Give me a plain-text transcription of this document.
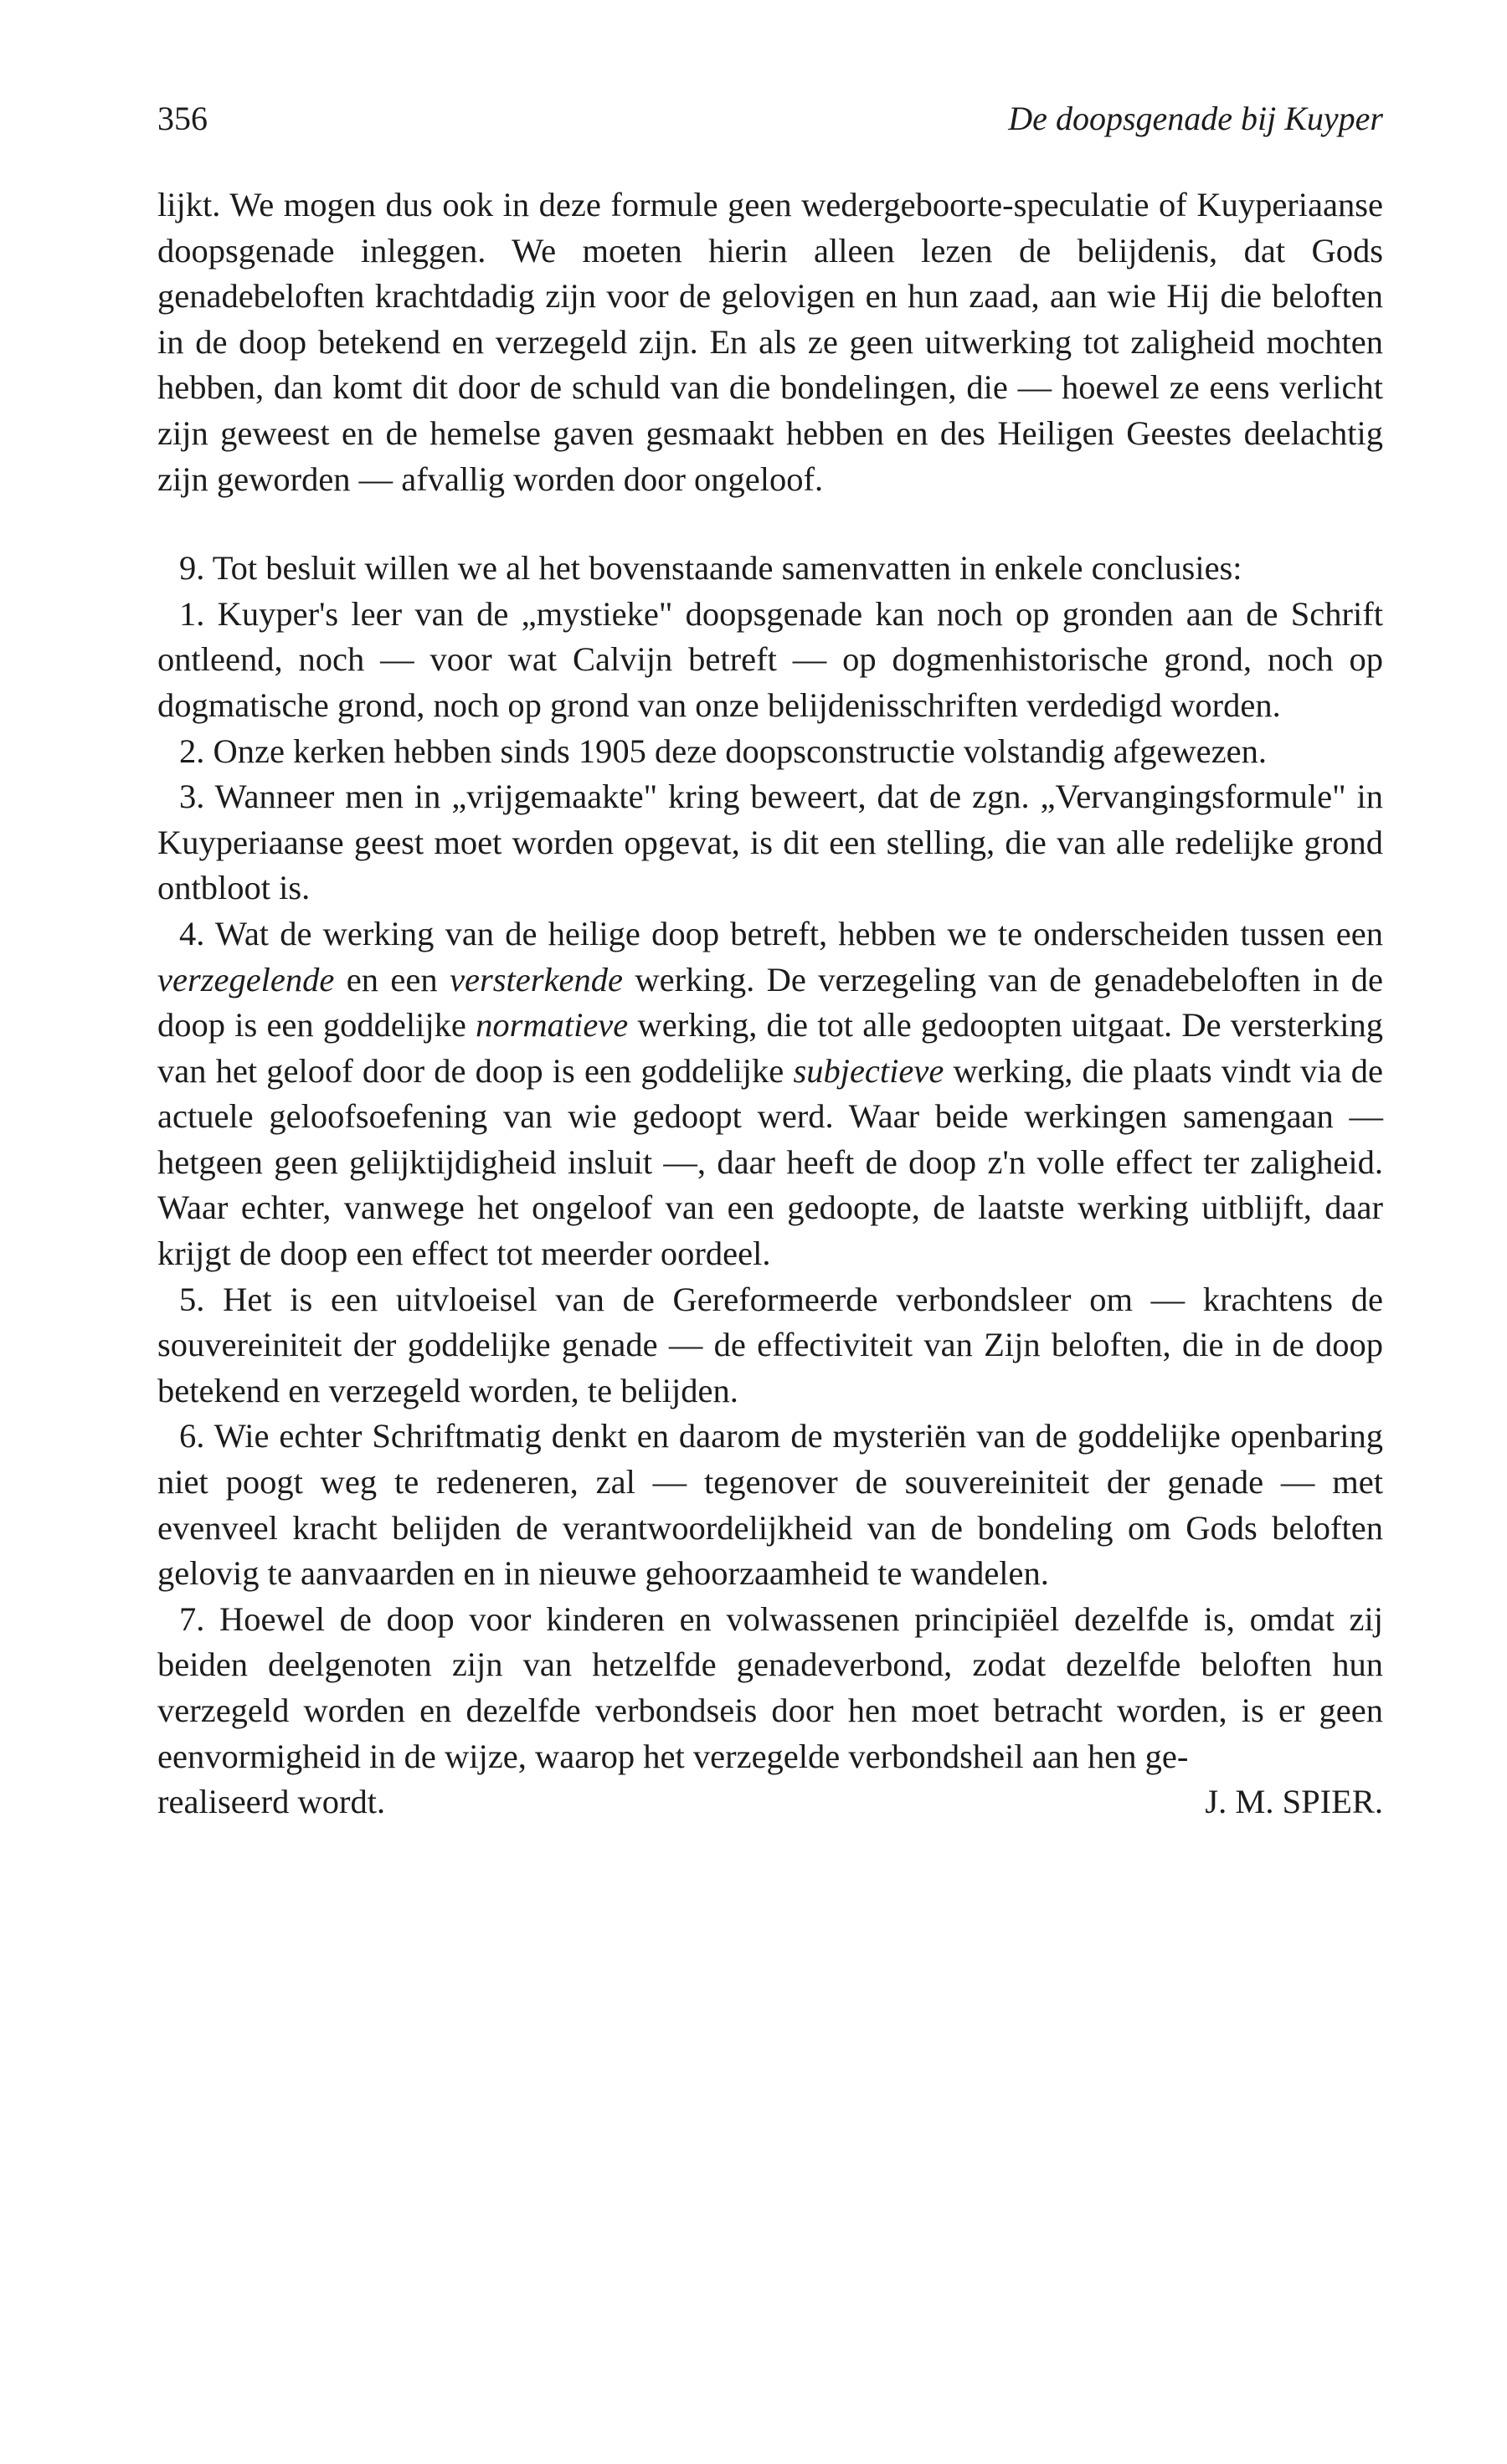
356	De doopsgenade bij Kuyper

lijkt. We mogen dus ook in deze formule geen wedergeboorte-speculatie of Kuyperiaanse doopsgenade inleggen. We moeten hierin alleen lezen de belijdenis, dat Gods genadebeloften krachtdadig zijn voor de gelovigen en hun zaad, aan wie Hij die beloften in de doop betekend en verzegeld zijn. En als ze geen uitwerking tot zaligheid mochten hebben, dan komt dit door de schuld van die bondelingen, die — hoewel ze eens verlicht zijn geweest en de hemelse gaven gesmaakt hebben en des Heiligen Geestes deelachtig zijn geworden — afvallig worden door ongeloof.

9. Tot besluit willen we al het bovenstaande samenvatten in enkele conclusies:

1. Kuyper's leer van de „mystieke" doopsgenade kan noch op gronden aan de Schrift ontleend, noch — voor wat Calvijn betreft — op dogmenhistorische grond, noch op dogmatische grond, noch op grond van onze belijdenisschriften verdedigd worden.

2. Onze kerken hebben sinds 1905 deze doopsconstructie volstandig afgewezen.

3. Wanneer men in „vrijgemaakte" kring beweert, dat de zgn. „Vervangingsformule" in Kuyperiaanse geest moet worden opgevat, is dit een stelling, die van alle redelijke grond ontbloot is.

4. Wat de werking van de heilige doop betreft, hebben we te onderscheiden tussen een verzegelende en een versterkende werking. De verzegeling van de genadebeloften in de doop is een goddelijke normatieve werking, die tot alle gedoopten uitgaat. De versterking van het geloof door de doop is een goddelijke subjectieve werking, die plaats vindt via de actuele geloofsoefening van wie gedoopt werd. Waar beide werkingen samengaan — hetgeen geen gelijktijdigheid insluit —, daar heeft de doop z'n volle effect ter zaligheid. Waar echter, vanwege het ongeloof van een gedoopte, de laatste werking uitblijft, daar krijgt de doop een effect tot meerder oordeel.

5. Het is een uitvloeisel van de Gereformeerde verbondsleer om — krachtens de souvereiniteit der goddelijke genade — de effectiviteit van Zijn beloften, die in de doop betekend en verzegeld worden, te belijden.

6. Wie echter Schriftmatig denkt en daarom de mysteriën van de goddelijke openbaring niet poogt weg te redeneren, zal — tegenover de souvereiniteit der genade — met evenveel kracht belijden de verantwoordelijkheid van de bondeling om Gods beloften gelovig te aanvaarden en in nieuwe gehoorzaamheid te wandelen.

7. Hoewel de doop voor kinderen en volwassenen principiëel dezelfde is, omdat zij beiden deelgenoten zijn van hetzelfde genadeverbond, zodat dezelfde beloften hun verzegeld worden en dezelfde verbondseis door hen moet betracht worden, is er geen eenvormigheid in de wijze, waarop het verzegelde verbondsheil aan hen ge-

realiseerd wordt.	J. M. SPIER.
